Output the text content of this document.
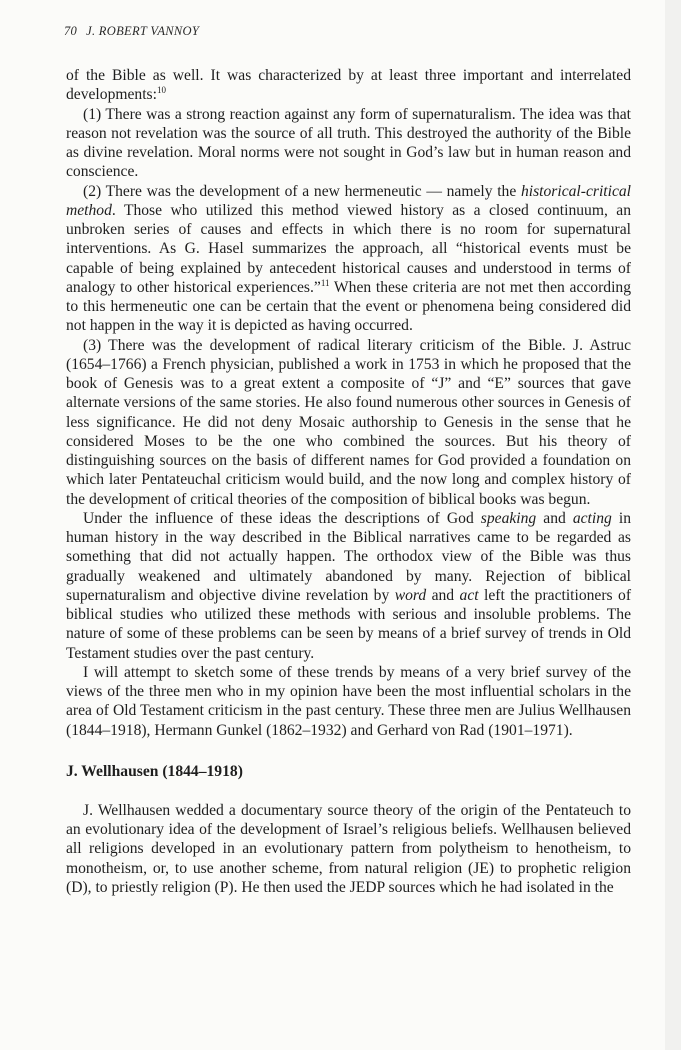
70 J. ROBERT VANNOY

of the Bible as well. It was characterized by at least three important and interrelated developments:$^{10}$

(1) There was a strong reaction against any form of supernaturalism. The idea was that reason not revelation was the source of all truth. This destroyed the authority of the Bible as divine revelation. Moral norms were not sought in God’s law but in human reason and conscience.

(2) There was the development of a new hermeneutic — namely the historical-critical method. Those who utilized this method viewed history as a closed continuum, an unbroken series of causes and effects in which there is no room for supernatural interventions. As G. Hasel summarizes the approach, all “historical events must be capable of being explained by antecedent historical causes and understood in terms of analogy to other historical experiences.”$^{11}$ When these criteria are not met then according to this hermeneutic one can be certain that the event or phenomena being considered did not happen in the way it is depicted as having occurred.

(3) There was the development of radical literary criticism of the Bible. J. Astruc (1654–1766) a French physician, published a work in 1753 in which he proposed that the book of Genesis was to a great extent a composite of “J” and “E” sources that gave alternate versions of the same stories. He also found numerous other sources in Genesis of less significance. He did not deny Mosaic authorship to Genesis in the sense that he considered Moses to be the one who combined the sources. But his theory of distinguishing sources on the basis of different names for God provided a foundation on which later Pentateuchal criticism would build, and the now long and complex history of the development of critical theories of the composition of biblical books was begun.

Under the influence of these ideas the descriptions of God speaking and acting in human history in the way described in the Biblical narratives came to be regarded as something that did not actually happen. The orthodox view of the Bible was thus gradually weakened and ultimately abandoned by many. Rejection of biblical supernaturalism and objective divine revelation by word and act left the practitioners of biblical studies who utilized these methods with serious and insoluble problems. The nature of some of these problems can be seen by means of a brief survey of trends in Old Testament studies over the past century.

I will attempt to sketch some of these trends by means of a very brief survey of the views of the three men who in my opinion have been the most influential scholars in the area of Old Testament criticism in the past century. These three men are Julius Wellhausen (1844–1918), Hermann Gunkel (1862–1932) and Gerhard von Rad (1901–1971).

J. Wellhausen (1844–1918)

J. Wellhausen wedded a documentary source theory of the origin of the Pentateuch to an evolutionary idea of the development of Israel’s religious beliefs. Wellhausen believed all religions developed in an evolutionary pattern from polytheism to henotheism, to monotheism, or, to use another scheme, from natural religion (JE) to prophetic religion (D), to priestly religion (P). He then used the JEDP sources which he had isolated in the
